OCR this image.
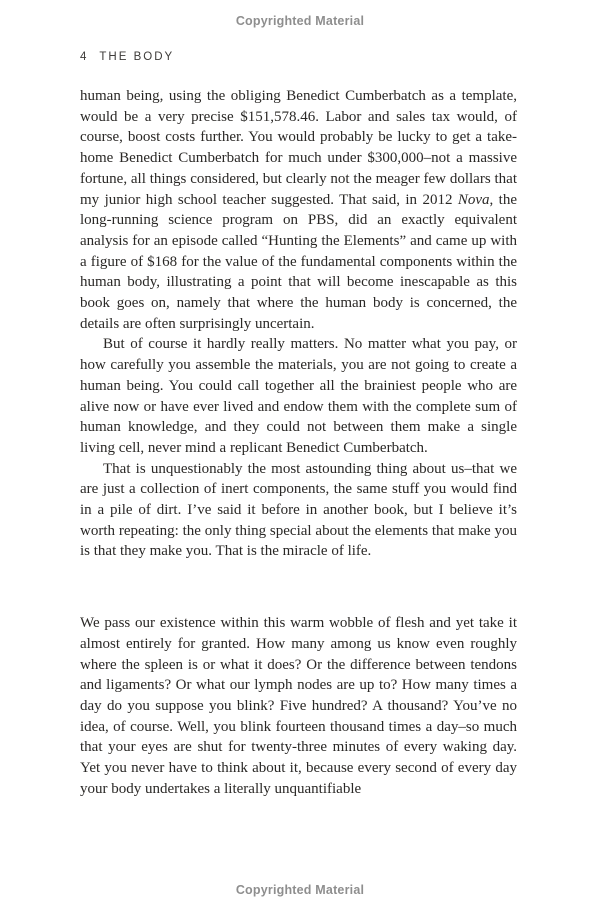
Copyrighted Material
4 THE BODY

human being, using the obliging Benedict Cumberbatch as a template, would be a very precise $151,578.46. Labor and sales tax would, of course, boost costs further. You would probably be lucky to get a take-home Benedict Cumberbatch for much under $300,000–not a massive fortune, all things considered, but clearly not the meager few dollars that my junior high school teacher suggested. That said, in 2012 Nova, the long-running science program on PBS, did an exactly equivalent analysis for an episode called “Hunting the Elements” and came up with a figure of $168 for the value of the fundamental components within the human body, illustrating a point that will become inescapable as this book goes on, namely that where the human body is concerned, the details are often surprisingly uncertain.

But of course it hardly really matters. No matter what you pay, or how carefully you assemble the materials, you are not going to create a human being. You could call together all the brainiest people who are alive now or have ever lived and endow them with the complete sum of human knowledge, and they could not between them make a single living cell, never mind a replicant Benedict Cumberbatch.

That is unquestionably the most astounding thing about us–that we are just a collection of inert components, the same stuff you would find in a pile of dirt. I’ve said it before in another book, but I believe it’s worth repeating: the only thing special about the elements that make you is that they make you. That is the miracle of life.

We pass our existence within this warm wobble of flesh and yet take it almost entirely for granted. How many among us know even roughly where the spleen is or what it does? Or the difference between tendons and ligaments? Or what our lymph nodes are up to? How many times a day do you suppose you blink? Five hundred? A thousand? You’ve no idea, of course. Well, you blink fourteen thousand times a day–so much that your eyes are shut for twenty-three minutes of every waking day. Yet you never have to think about it, because every second of every day your body undertakes a literally unquantifiable

Copyrighted Material
